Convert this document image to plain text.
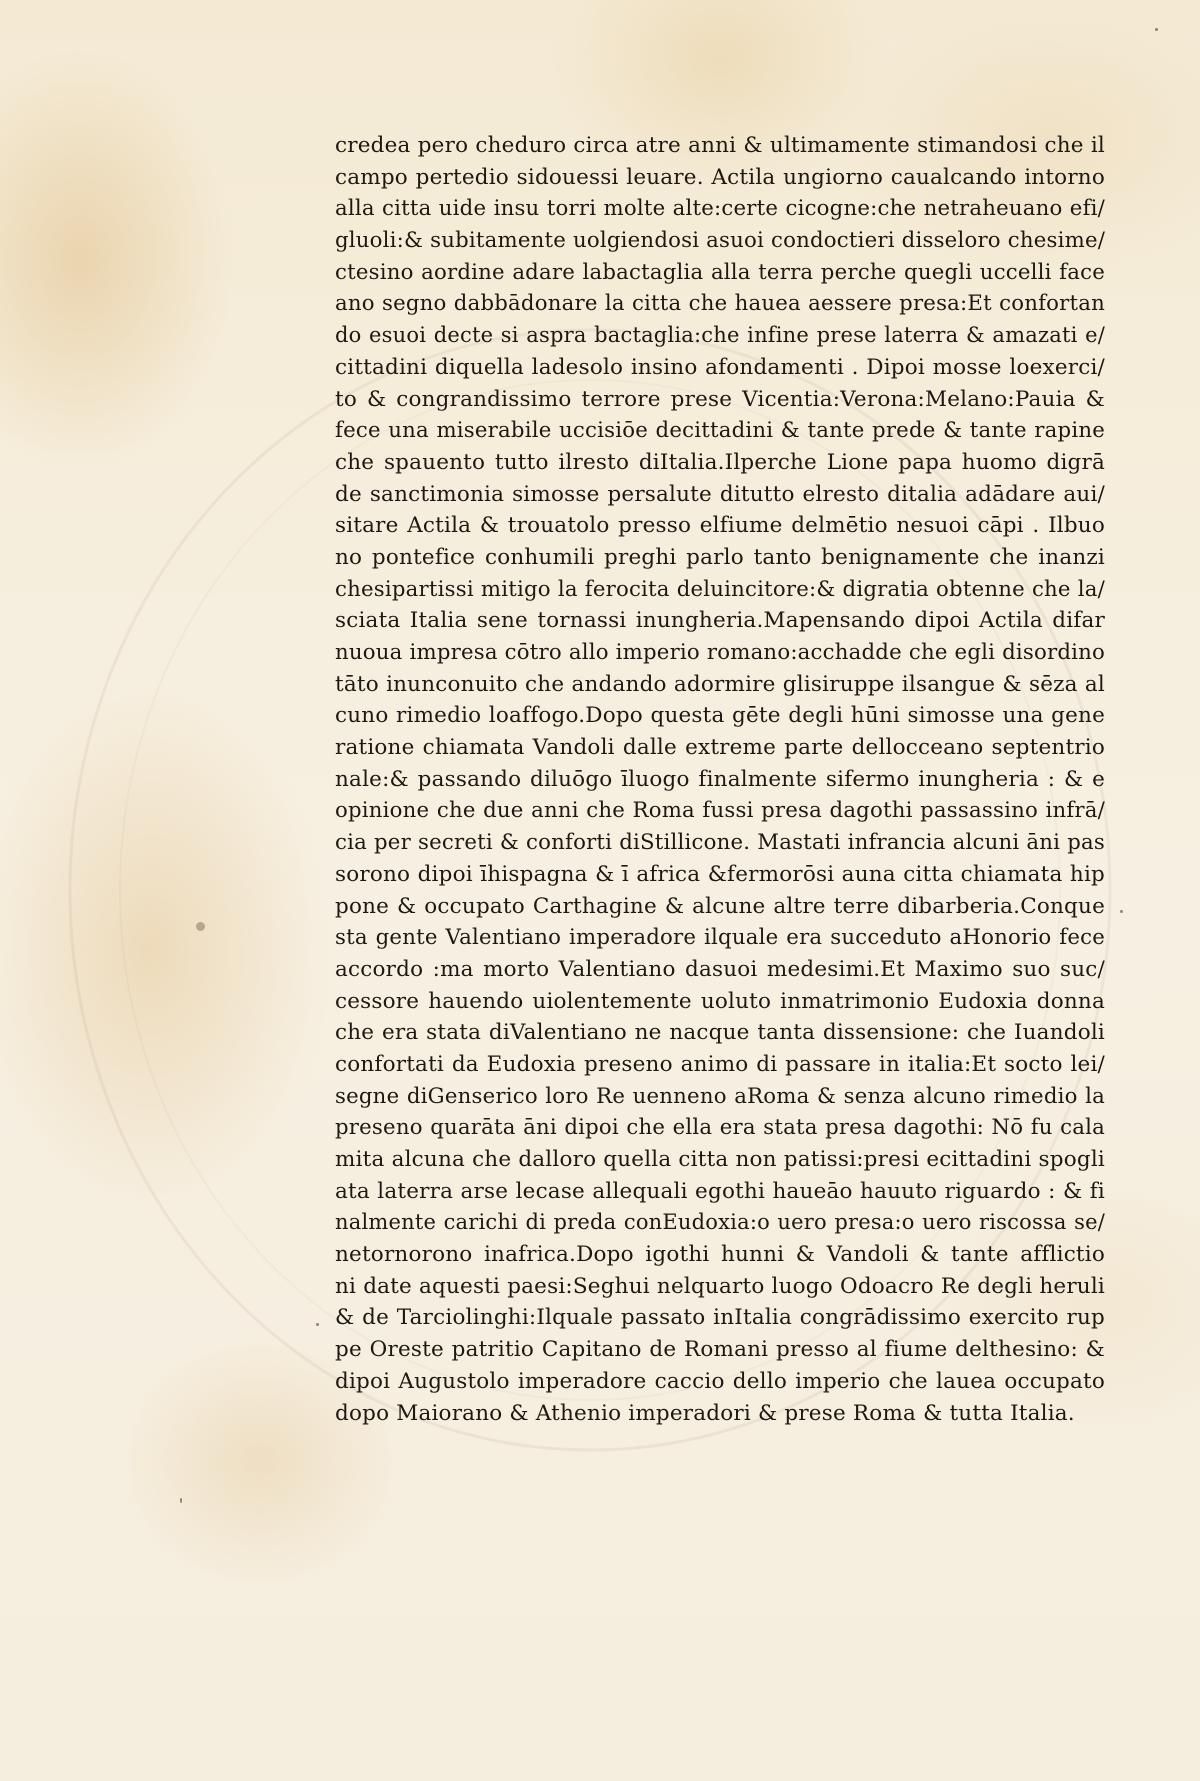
credea pero cheduro circa atre anni & ultimamente stimandosi che il
campo pertedio sidouessi leuare. Actila ungiorno caualcando intorno
alla citta uide insu torri molte alte:certe cicogne:che netraheuano efi/
gluoli:& subitamente uolgiendosi asuoi condoctieri disseloro chesime/
ctesino aordine adare labactaglia alla terra perche quegli uccelli face
ano segno dabbādonare la citta che hauea aessere presa:Et confortan
do esuoi decte si aspra bactaglia:che infine prese laterra & amazati e/
cittadini diquella ladesolo insino afondamenti . Dipoi mosse loexerci/
to & congrandissimo terrore prese Vicentia:Verona:Melano:Pauia &
fece una miserabile uccisiōe decittadini & tante prede & tante rapine
che spauento tutto ilresto diItalia.Ilperche Lione papa huomo digrā
de sanctimonia simosse persalute ditutto elresto ditalia adādare aui/
sitare Actila & trouatolo presso elfiume delmētio nesuoi cāpi . Ilbuo
no pontefice conhumili preghi parlo tanto benignamente che inanzi
chesipartissi mitigo la ferocita deluincitore:& digratia obtenne che la/
sciata Italia sene tornassi inungheria.Mapensando dipoi Actila difar
nuoua impresa cōtro allo imperio romano:acchadde che egli disordino
tāto inunconuito che andando adormire glisiruppe ilsangue & sēza al
cuno rimedio loaffogo.Dopo questa gēte degli hūni simosse una gene
ratione chiamata Vandoli dalle extreme parte dellocceano septentrio
nale:& passando diluōgo īluogo finalmente sifermo inungheria : & e
opinione che due anni che Roma fussi presa dagothi passassino infrā/
cia per secreti & conforti diStillicone. Mastati infrancia alcuni āni pas
sorono dipoi īhispagna & ī africa &fermorōsi auna citta chiamata hip
pone & occupato Carthagine & alcune altre terre dibarberia.Conque
sta gente Valentiano imperadore ilquale era succeduto aHonorio fece
accordo :ma morto Valentiano dasuoi medesimi.Et Maximo suo suc/
cessore hauendo uiolentemente uoluto inmatrimonio Eudoxia donna
che era stata diValentiano ne nacque tanta dissensione: che Iuandoli
confortati da Eudoxia preseno animo di passare in italia:Et socto lei/
segne diGenserico loro Re uenneno aRoma & senza alcuno rimedio la
preseno quarāta āni dipoi che ella era stata presa dagothi: Nō fu cala
mita alcuna che dalloro quella citta non patissi:presi ecittadini spogli
ata laterra arse lecase allequali egothi haueāo hauuto riguardo : & fi
nalmente carichi di preda conEudoxia:o uero presa:o uero riscossa se/
netornorono inafrica.Dopo igothi hunni & Vandoli & tante afflictio
ni date aquesti paesi:Seghui nelquarto luogo Odoacro Re degli heruli
& de Tarciolinghi:Ilquale passato inItalia congrādissimo exercito rup
pe Oreste patritio Capitano de Romani presso al fiume delthesino: &
dipoi Augustolo imperadore caccio dello imperio che lauea occupato
dopo Maiorano & Athenio imperadori & prese Roma & tutta Italia.
